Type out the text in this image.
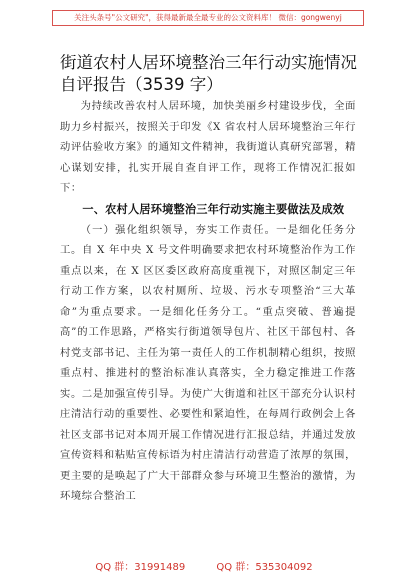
关注头条号"公文研究"，获得最新最全最专业的公文资料库！ 微信：gongwenyj
街道农村人居环境整治三年行动实施情况自评报告（3539 字）

为持续改善农村人居环境，加快美丽乡村建设步伐，全面助力乡村振兴，按照关于印发《X 省农村人居环境整治三年行动评估验收方案》的通知文件精神，我街道认真研究部署，精心谋划安排，扎实开展自查自评工作，现将工作情况汇报如下：

一、农村人居环境整治三年行动实施主要做法及成效

（一）强化组织领导，夯实工作责任。一是细化任务分工。自 X 年中央 X 号文件明确要求把农村环境整治作为工作重点以来，在 X 区区委区政府高度重视下，对照区制定三年行动工作方案，以农村厕所、垃圾、污水专项整治“三大革命”为重点要求。一是细化任务分工。“重点突破、普遍提高”的工作思路，严格实行街道领导包片、社区干部包村、各村党支部书记、主任为第一责任人的工作机制精心组织，按照重点村、推进村的整治标准认真落实，全力稳定推进工作落实。二是加强宣传引导。为使广大街道和社区干部充分认识村庄清洁行动的重要性、必要性和紧迫性，在每周行政例会上各社区支部书记对本周开展工作情况进行汇报总结，并通过发放宣传资料和粘贴宣传标语为村庄清洁行动营造了浓厚的氛围，更主要的是唤起了广大干部群众参与环境卫生整治的激情，为环境综合整治工

QQ 群：31991489	QQ 群：535304092
